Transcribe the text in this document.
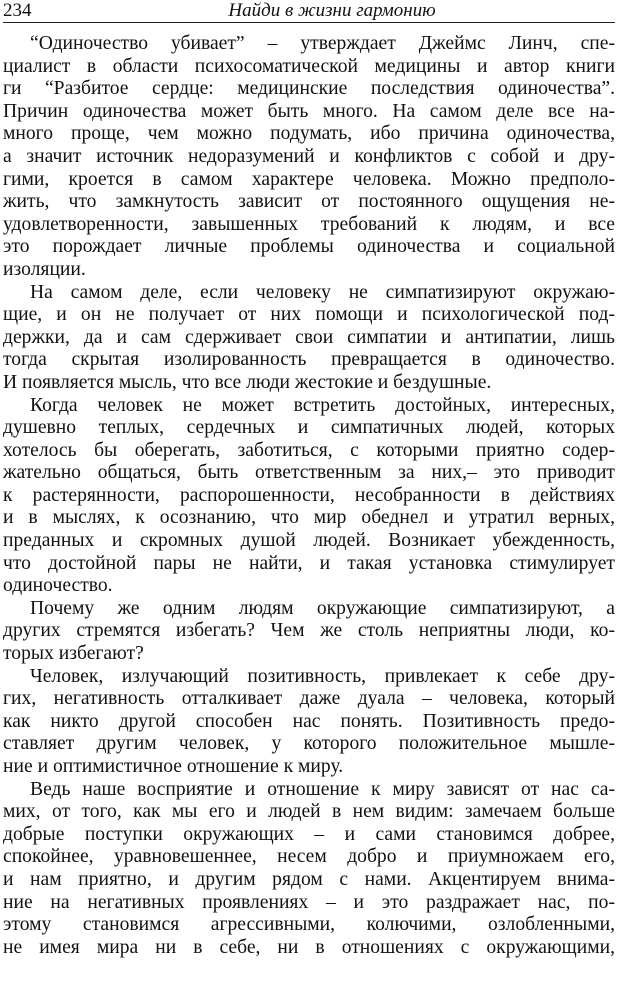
234	Найди в жизни гармонию
“Одиночество убивает” – утверждает Джеймс Линч, спе-
циалист в области психосоматической медицины и автор книги
ги “Разбитое сердце: медицинские последствия одиночества”.
Причин одиночества может быть много. На самом деле все на-
много проще, чем можно подумать, ибо причина одиночества,
а значит источник недоразумений и конфликтов с собой и дру-
гими, кроется в самом характере человека. Можно предполо-
жить, что замкнутость зависит от постоянного ощущения не-
удовлетворенности, завышенных требований к людям, и все
это порождает личные проблемы одиночества и социальной
изоляции.
На самом деле, если человеку не симпатизируют окружаю-
щие, и он не получает от них помощи и психологической под-
держки, да и сам сдерживает свои симпатии и антипатии, лишь
тогда скрытая изолированность превращается в одиночество.
И появляется мысль, что все люди жестокие и бездушные.
Когда человек не может встретить достойных, интересных,
душевно теплых, сердечных и симпатичных людей, которых
хотелось бы оберегать, заботиться, с которыми приятно содер-
жательно общаться, быть ответственным за них,– это приводит
к растерянности, распорошенности, несобранности в действиях
и в мыслях, к осознанию, что мир обеднел и утратил верных,
преданных и скромных душой людей. Возникает убежденность,
что достойной пары не найти, и такая установка стимулирует
одиночество.
Почему же одним людям окружающие симпатизируют, а
других стремятся избегать? Чем же столь неприятны люди, ко-
торых избегают?
Человек, излучающий позитивность, привлекает к себе дру-
гих, негативность отталкивает даже дуала – человека, который
как никто другой способен нас понять. Позитивность предо-
ставляет другим человек, у которого положительное мышле-
ние и оптимистичное отношение к миру.
Ведь наше восприятие и отношение к миру зависят от нас са-
мих, от того, как мы его и людей в нем видим: замечаем больше
добрые поступки окружающих – и сами становимся добрее,
спокойнее, уравновешеннее, несем добро и приумножаем его,
и нам приятно, и другим рядом с нами. Акцентируем внима-
ние на негативных проявлениях – и это раздражает нас, по-
этому становимся агрессивными, колючими, озлобленными,
не имея мира ни в себе, ни в отношениях с окружающими,
